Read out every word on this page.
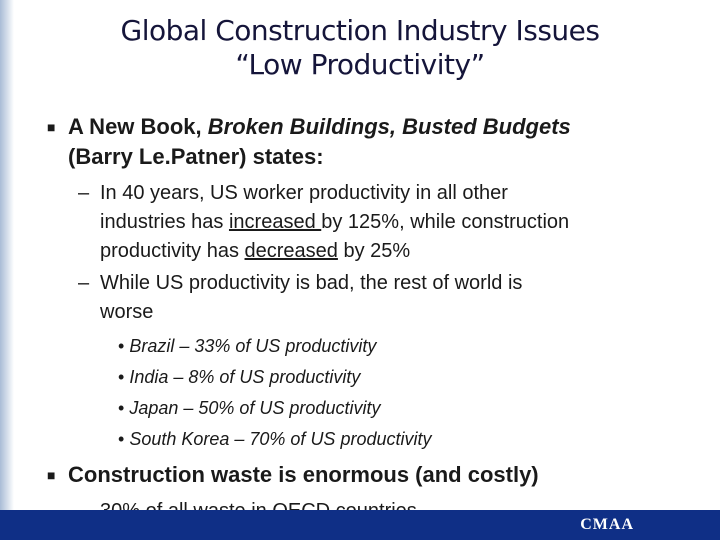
Global Construction Industry Issues
“Low Productivity”
■ A New Book, Broken Buildings, Busted Budgets
(Barry Le.Patner) states:
– In 40 years, US worker productivity in all other
industries has increased by 125%, while construction
productivity has decreased by 25%
– While US productivity is bad, the rest of world is
worse
• Brazil – 33% of US productivity
• India – 8% of US productivity
• Japan – 50% of US productivity
• South Korea – 70% of US productivity
■ Construction waste is enormous (and costly)
CMAA
